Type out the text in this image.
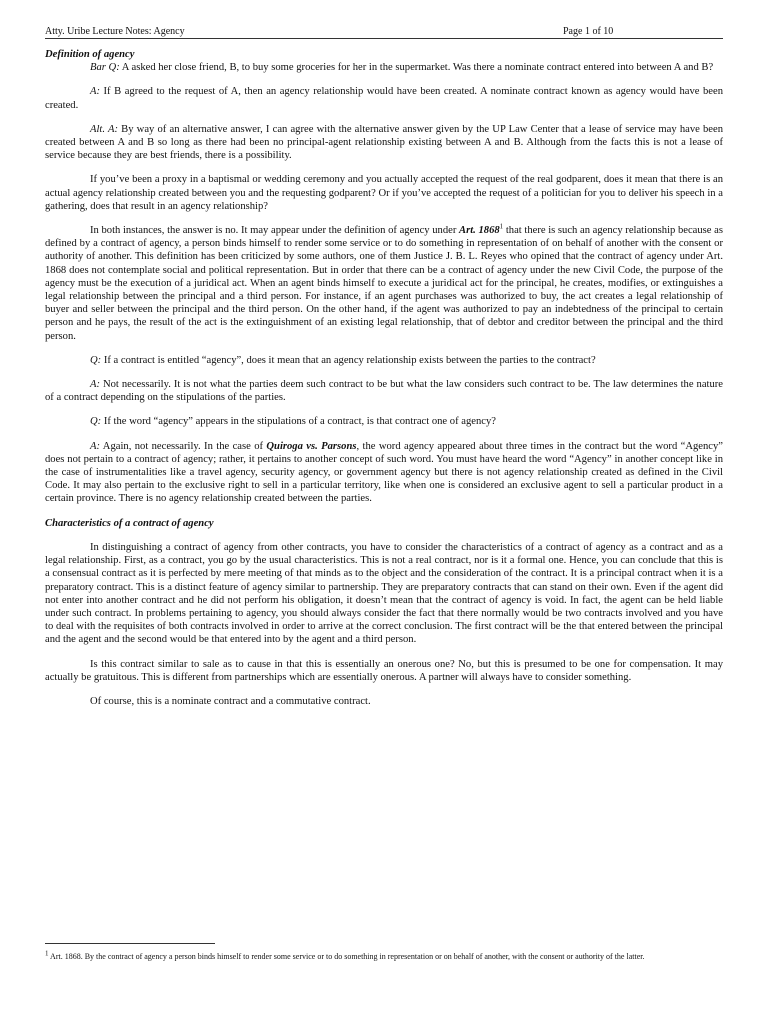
Atty. Uribe Lecture Notes: Agency	Page 1 of 10

Definition of agency

Bar Q: A asked her close friend, B, to buy some groceries for her in the supermarket. Was there a nominate contract entered into between A and B?

A: If B agreed to the request of A, then an agency relationship would have been created. A nominate contract known as agency would have been created.

Alt. A: By way of an alternative answer, I can agree with the alternative answer given by the UP Law Center that a lease of service may have been created between A and B so long as there had been no principal-agent relationship existing between A and B. Although from the facts this is not a lease of service because they are best friends, there is a possibility.

If you’ve been a proxy in a baptismal or wedding ceremony and you actually accepted the request of the real godparent, does it mean that there is an actual agency relationship created between you and the requesting godparent? Or if you’ve accepted the request of a politician for you to deliver his speech in a gathering, does that result in an agency relationship?

In both instances, the answer is no. It may appear under the definition of agency under Art. 1868$^1$ that there is such an agency relationship because as defined by a contract of agency, a person binds himself to render some service or to do something in representation of on behalf of another with the consent or authority of another. This definition has been criticized by some authors, one of them Justice J. B. L. Reyes who opined that the contract of agency under Art. 1868 does not contemplate social and political representation. But in order that there can be a contract of agency under the new Civil Code, the purpose of the agency must be the execution of a juridical act. When an agent binds himself to execute a juridical act for the principal, he creates, modifies, or extinguishes a legal relationship between the principal and a third person. For instance, if an agent purchases was authorized to buy, the act creates a legal relationship of buyer and seller between the principal and the third person. On the other hand, if the agent was authorized to pay an indebtedness of the principal to certain person and he pays, the result of the act is the extinguishment of an existing legal relationship, that of debtor and creditor between the principal and the third person.

Q: If a contract is entitled “agency”, does it mean that an agency relationship exists between the parties to the contract?

A: Not necessarily. It is not what the parties deem such contract to be but what the law considers such contract to be. The law determines the nature of a contract depending on the stipulations of the parties.

Q: If the word “agency” appears in the stipulations of a contract, is that contract one of agency?

A: Again, not necessarily. In the case of Quiroga vs. Parsons, the word agency appeared about three times in the contract but the word “Agency” does not pertain to a contract of agency; rather, it pertains to another concept of such word. You must have heard the word “Agency” in another concept like in the case of instrumentalities like a travel agency, security agency, or government agency but there is not agency relationship created as defined in the Civil Code. It may also pertain to the exclusive right to sell in a particular territory, like when one is considered an exclusive agent to sell a particular product in a certain province. There is no agency relationship created between the parties.

Characteristics of a contract of agency

In distinguishing a contract of agency from other contracts, you have to consider the characteristics of a contract of agency as a contract and as a legal relationship. First, as a contract, you go by the usual characteristics. This is not a real contract, nor is it a formal one. Hence, you can conclude that this is a consensual contract as it is perfected by mere meeting of that minds as to the object and the consideration of the contract. It is a principal contract when it is a preparatory contract. This is a distinct feature of agency similar to partnership. They are preparatory contracts that can stand on their own. Even if the agent did not enter into another contract and he did not perform his obligation, it doesn’t mean that the contract of agency is void. In fact, the agent can be held liable under such contract. In problems pertaining to agency, you should always consider the fact that there normally would be two contracts involved and you have to deal with the requisites of both contracts involved in order to arrive at the correct conclusion. The first contract will be the that entered between the principal and the agent and the second would be that entered into by the agent and a third person.

Is this contract similar to sale as to cause in that this is essentially an onerous one? No, but this is presumed to be one for compensation. It may actually be gratuitous. This is different from partnerships which are essentially onerous. A partner will always have to consider something.

Of course, this is a nominate contract and a commutative contract.

$^1$ Art. 1868. By the contract of agency a person binds himself to render some service or to do something in representation or on behalf of another, with the consent or authority of the latter.
